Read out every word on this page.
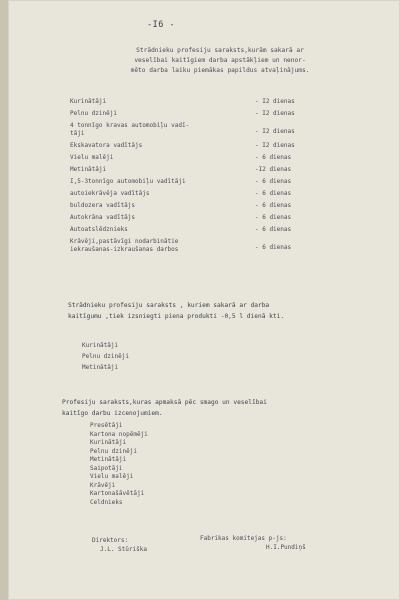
-I6 -
Strādnieku profesiju saraksts,kurām sakarā ar
veselībai kaitīgiem darba apstākļiem un nenor-
mēto darba laiku piemākas papildus atvaļinājums.
Kurinātāji	- I2 dienas
Pelnu dzinēji	- I2 dienas
4 tonnīgo kravas automobiļu vadī-
tāji	- I2 dienas
Ekskavatora vadītājs	- I2 dienas
Vielu malēji	- 6 dienas
Metinātāji	-I2 dienas
I,5-3tonnīgo automobiļu vadītāji	- 6 dienas
autoiekrāvēja vadītājs	- 6 dienas
buldozera vadītājs	- 6 dienas
Autokrāna vadītājs	- 6 dienas
Autoatslēdznieks	- 6 dienas
Krāvēji,pastāvīgi nodarbinātie
iekraušanas-izkraušanas darbos	- 6 dienas
Strādnieku profesiju saraksts , kuriem sakarā ar darba
kaitīgumu ,tiek izsniegti piena produkti -0,5 l dienā kti.
Kurinātāji
Pelnu dzinēji
Metinātāji
Profesiju saraksts,kuras apmaksā pēc smago un veselībai
kaitīgo darbu izcenojumiem.
Presētāji
Kartona nopēmēji
Kurinātāji
Pelnu dzinēji
Metinātāji
Saipotāji
Vielu malēji
Krāvēji
Kartonašāvētāji
Celdnieks
Direktors:
J.L. Stūriška
Fabrikas komitejas p-js:
H.I.Pundiņš
